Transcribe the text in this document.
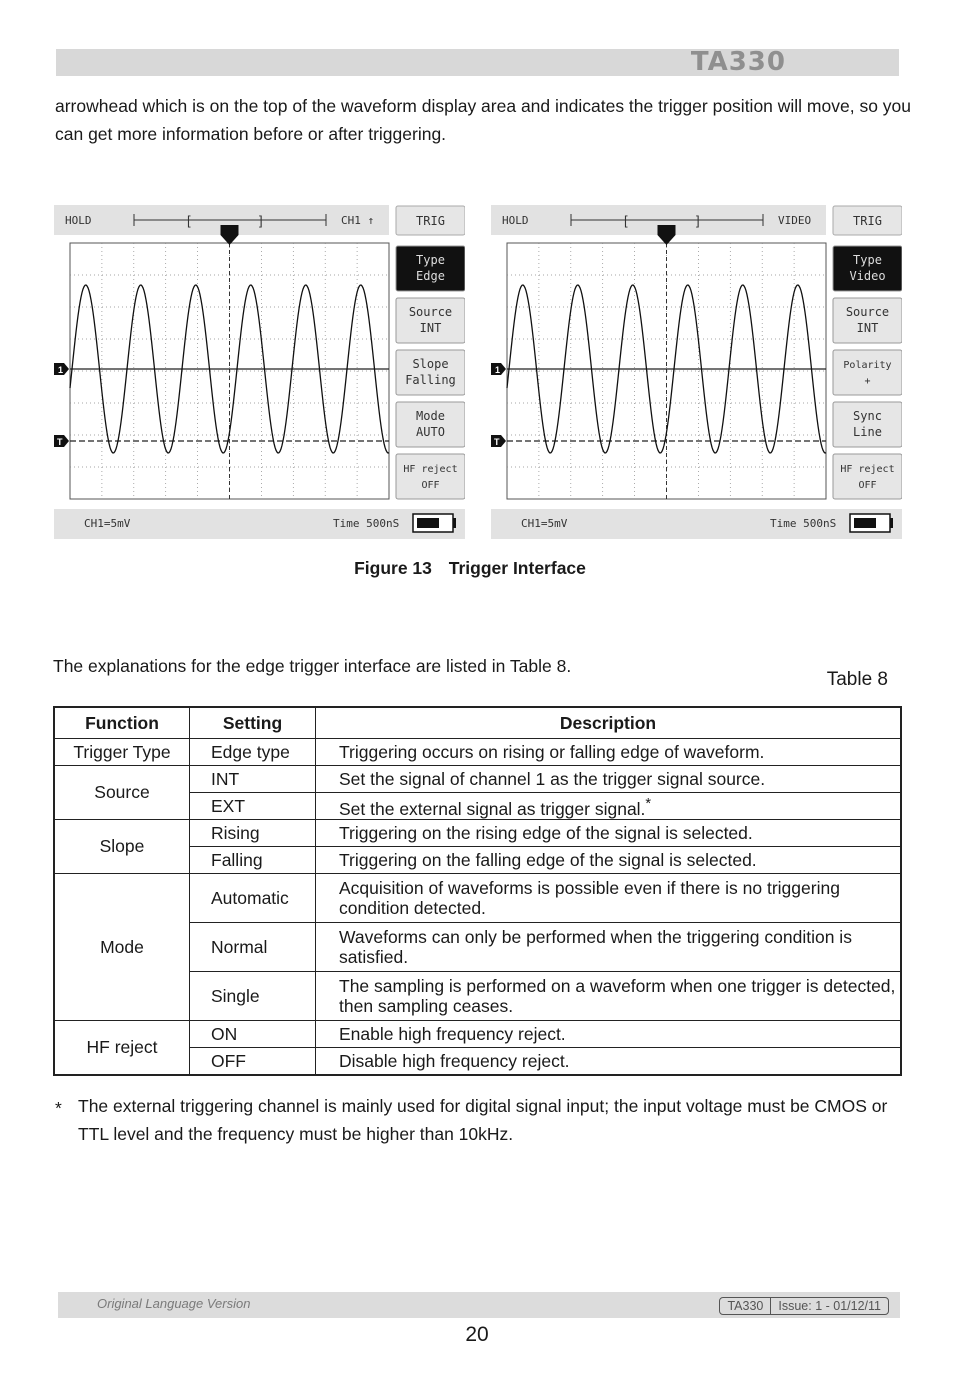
TA330
arrowhead which is on the top of the waveform display area and indicates the trigger position will move, so you can get more information before or after triggering.
HOLD	[	]	CH1 ↑
1
T
CH1=5mV	Time 500nS
TRIG
Type
Edge
Source
INT
Slope
Falling
Mode
AUTO
HF reject
OFF
HOLD	[	]	VIDEO
1
T
CH1=5mV	Time 500nS
TRIG
Type
Video
Source
INT
Polarity
+
Sync
Line
HF reject
OFF
Figure 13 Trigger Interface
The explanations for the edge trigger interface are listed in Table 8.
Table 8
Function	Setting	Description
Trigger Type	Edge type	Triggering occurs on rising or falling edge of waveform.
Source	INT	Set the signal of channel 1 as the trigger signal source.
	EXT	Set the external signal as trigger signal.*
Slope	Rising	Triggering on the rising edge of the signal is selected.
	Falling	Triggering on the falling edge of the signal is selected.
Mode	Automatic	Acquisition of waveforms is possible even if there is no triggering condition detected.
	Normal	Waveforms can only be performed when the triggering condition is satisfied.
	Single	The sampling is performed on a waveform when one trigger is detected, then sampling ceases.
HF reject	ON	Enable high frequency reject.
	OFF	Disable high frequency reject.
* The external triggering channel is mainly used for digital signal input; the input voltage must be CMOS or TTL level and the frequency must be higher than 10kHz.
Original Language Version	TA330	Issue: 1 - 01/12/11
20
